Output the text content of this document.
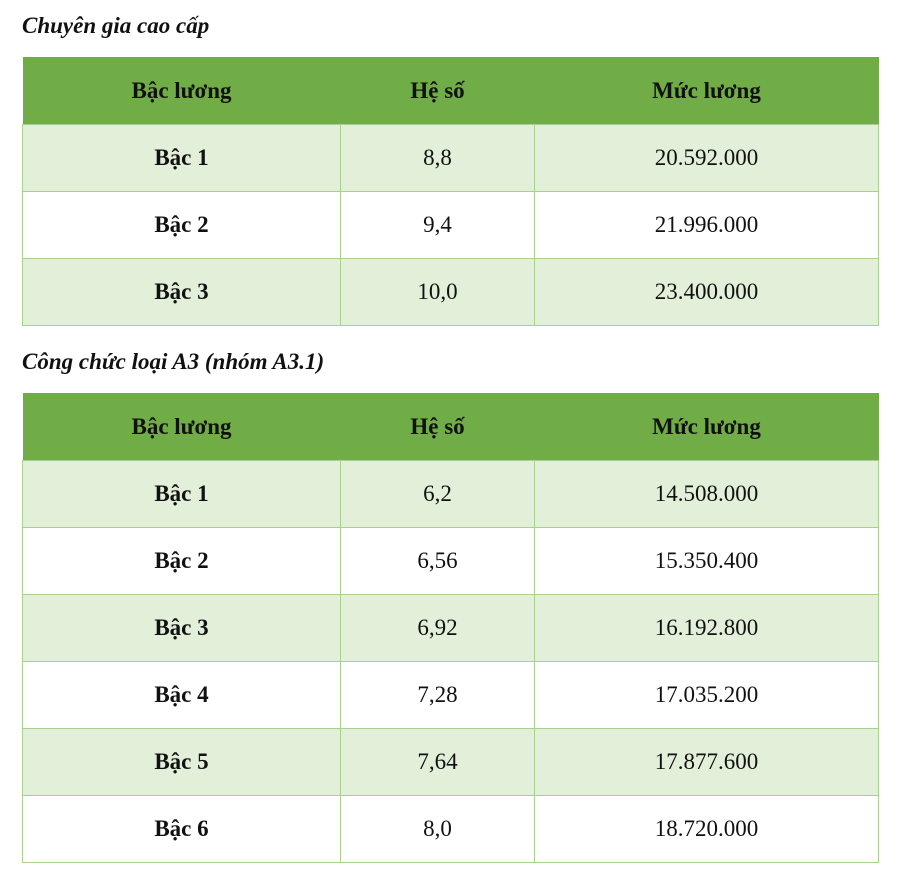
Chuyên gia cao cấp
Bậc lương	Hệ số	Mức lương
Bậc 1	8,8	20.592.000
Bậc 2	9,4	21.996.000
Bậc 3	10,0	23.400.000
Công chức loại A3 (nhóm A3.1)
Bậc lương	Hệ số	Mức lương
Bậc 1	6,2	14.508.000
Bậc 2	6,56	15.350.400
Bậc 3	6,92	16.192.800
Bậc 4	7,28	17.035.200
Bậc 5	7,64	17.877.600
Bậc 6	8,0	18.720.000
